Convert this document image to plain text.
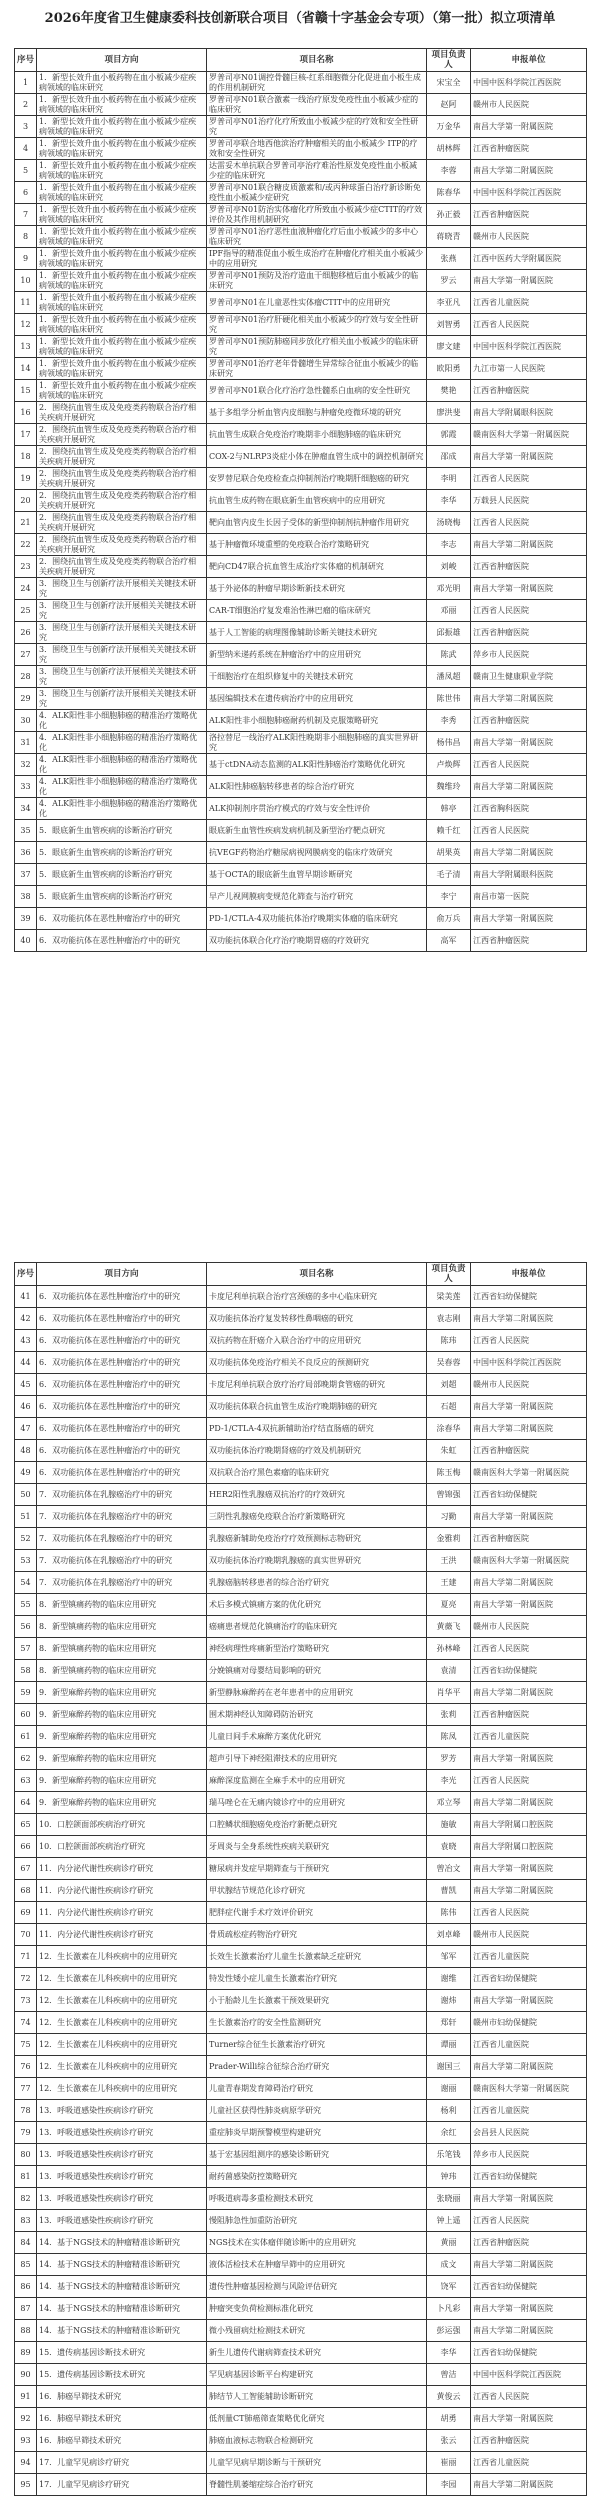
2026年度省卫生健康委科技创新联合项目（省赣十字基金会专项）（第一批）拟立项清单
序号	项目方向	项目名称	项目负责人	申报单位
1	1．新型长效升血小板药物在血小板减少症疾病领域的临床研究	罗普司亭N01调控骨髓巨核-红系细胞微分化促进血小板生成的作用机制研究	宋宝全	中国中医科学院江西医院
2	1．新型长效升血小板药物在血小板减少症疾病领域的临床研究	罗普司亭N01联合激素一线治疗原发免疫性血小板减少症的临床研究	赵阿	赣州市人民医院
3	1．新型长效升血小板药物在血小板减少症疾病领域的临床研究	罗普司亭N01治疗化疗所致血小板减少症的疗效和安全性研究	万金华	南昌大学第一附属医院
4	1．新型长效升血小板药物在血小板减少症疾病领域的临床研究	罗普司亭联合地西他滨治疗肿瘤相关的血小板减少 ITP的疗效和安全性研究	胡林辉	江西省肿瘤医院
5	1．新型长效升血小板药物在血小板减少症疾病领域的临床研究	达雷妥木单抗联合罗普司亭治疗难治性原发免疫性血小板减少症的临床研究	李蓉	南昌大学第二附属医院
6	1．新型长效升血小板药物在血小板减少症疾病领域的临床研究	罗普司亭N01联合糖皮质激素和/或丙种球蛋白治疗新诊断免疫性血小板减少症研究	陈春华	中国中医科学院江西医院
7	1．新型长效升血小板药物在血小板减少症疾病领域的临床研究	罗普司亭N01防治实体瘤化疗所致血小板减少症CTIT的疗效评价及其作用机制研究	孙正毅	江西省肿瘤医院
8	1．新型长效升血小板药物在血小板减少症疾病领域的临床研究	罗普司亭N01治疗恶性血液肿瘤化疗后血小板减少的多中心临床研究	蒋晓青	赣州市人民医院
9	1．新型长效升血小板药物在血小板减少症疾病领域的临床研究	IPF指导的精准促血小板生成治疗在肿瘤化疗相关血小板减少中的应用研究	张燕	江西中医药大学附属医院
10	1．新型长效升血小板药物在血小板减少症疾病领域的临床研究	罗普司亭N01预防及治疗造血干细胞移植后血小板减少的临床研究	罗云	南昌大学第一附属医院
11	1．新型长效升血小板药物在血小板减少症疾病领域的临床研究	罗普司亭N01在儿童恶性实体瘤CTIT中的应用研究	李亚凡	江西省儿童医院
12	1．新型长效升血小板药物在血小板减少症疾病领域的临床研究	罗普司亭N01治疗肝硬化相关血小板减少的疗效与安全性研究	刘智勇	江西省人民医院
13	1．新型长效升血小板药物在血小板减少症疾病领域的临床研究	罗普司亭N01预防肺癌同步放化疗相关血小板减少的临床研究	廖文建	中国中医科学院江西医院
14	1．新型长效升血小板药物在血小板减少症疾病领域的临床研究	罗普司亭N01治疗老年骨髓增生异常综合征血小板减少的临床研究	欧阳勇	九江市第一人民医院
15	1．新型长效升血小板药物在血小板减少症疾病领域的临床研究	罗普司亭N01联合化疗治疗急性髓系白血病的安全性研究	樊艳	江西省肿瘤医院
16	2．围绕抗血管生成及免疫类药物联合治疗相关疾病开展研究	基于多组学分析血管内皮细胞与肿瘤免疫微环境的研究	廖洪斐	南昌大学附属眼科医院
17	2．围绕抗血管生成及免疫类药物联合治疗相关疾病开展研究	抗血管生成联合免疫治疗晚期非小细胞肺癌的临床研究	郭霞	赣南医科大学第一附属医院
18	2．围绕抗血管生成及免疫类药物联合治疗相关疾病开展研究	COX-2与NLRP3炎症小体在肿瘤血管生成中的调控机制研究	邵成	南昌大学第一附属医院
19	2．围绕抗血管生成及免疫类药物联合治疗相关疾病开展研究	安罗替尼联合免疫检查点抑制剂治疗晚期肝细胞癌的研究	李明	江西省人民医院
20	2．围绕抗血管生成及免疫类药物联合治疗相关疾病开展研究	抗血管生成药物在眼底新生血管疾病中的应用研究	李华	万载县人民医院
21	2．围绕抗血管生成及免疫类药物联合治疗相关疾病开展研究	靶向血管内皮生长因子受体的新型抑制剂抗肿瘤作用研究	汤晓梅	江西省人民医院
22	2．围绕抗血管生成及免疫类药物联合治疗相关疾病开展研究	基于肿瘤微环境重塑的免疫联合治疗策略研究	李志	南昌大学第二附属医院
23	2．围绕抗血管生成及免疫类药物联合治疗相关疾病开展研究	靶向CD47联合抗血管生成治疗实体瘤的机制研究	刘峻	江西省肿瘤医院
24	3．围绕卫生与创新疗法开展相关关键技术研究	基于外泌体的肿瘤早期诊断新技术研究	邓光明	南昌大学第一附属医院
25	3．围绕卫生与创新疗法开展相关关键技术研究	CAR-T细胞治疗复发难治性淋巴瘤的临床研究	邓丽	江西省人民医院
26	3．围绕卫生与创新疗法开展相关关键技术研究	基于人工智能的病理图像辅助诊断关键技术研究	邱振雄	江西省肿瘤医院
27	3．围绕卫生与创新疗法开展相关关键技术研究	新型纳米递药系统在肿瘤治疗中的应用研究	陈武	萍乡市人民医院
28	3．围绕卫生与创新疗法开展相关关键技术研究	干细胞治疗在组织修复中的关键技术研究	潘凤超	赣南卫生健康职业学院
29	3．围绕卫生与创新疗法开展相关关键技术研究	基因编辑技术在遗传病治疗中的应用研究	陈世伟	南昌大学第二附属医院
30	4．ALK阳性非小细胞肺癌的精准治疗策略优化	ALK阳性非小细胞肺癌耐药机制及克服策略研究	李秀	江西省肿瘤医院
31	4．ALK阳性非小细胞肺癌的精准治疗策略优化	洛拉替尼一线治疗ALK阳性晚期非小细胞肺癌的真实世界研究	杨伟昌	南昌大学第一附属医院
32	4．ALK阳性非小细胞肺癌的精准治疗策略优化	基于ctDNA动态监测的ALK阳性肺癌治疗策略优化研究	卢焕辉	江西省人民医院
33	4．ALK阳性非小细胞肺癌的精准治疗策略优化	ALK阳性肺癌脑转移患者的综合治疗研究	魏维玲	南昌大学第二附属医院
34	4．ALK阳性非小细胞肺癌的精准治疗策略优化	ALK抑制剂序贯治疗模式的疗效与安全性评价	韩亭	江西省胸科医院
35	5．眼底新生血管疾病的诊断治疗研究	眼底新生血管性疾病发病机制及新型治疗靶点研究	赖千红	江西省人民医院
36	5．眼底新生血管疾病的诊断治疗研究	抗VEGF药物治疗糖尿病视网膜病变的临床疗效研究	胡果英	南昌大学第二附属医院
37	5．眼底新生血管疾病的诊断治疗研究	基于OCTA的眼底新生血管早期诊断研究	毛子清	南昌大学附属眼科医院
38	5．眼底新生血管疾病的诊断治疗研究	早产儿视网膜病变规范化筛查与治疗研究	李宁	南昌市第一医院
39	6．双功能抗体在恶性肿瘤治疗中的研究	PD-1/CTLA-4双功能抗体治疗晚期实体瘤的临床研究	俞万兵	南昌大学第一附属医院
40	6．双功能抗体在恶性肿瘤治疗中的研究	双功能抗体联合化疗治疗晚期胃癌的疗效研究	高军	江西省肿瘤医院
序号	项目方向	项目名称	项目负责人	申报单位
41	6．双功能抗体在恶性肿瘤治疗中的研究	卡度尼利单抗联合治疗宫颈癌的多中心临床研究	梁美莲	江西省妇幼保健院
42	6．双功能抗体在恶性肿瘤治疗中的研究	双功能抗体治疗复发转移性鼻咽癌的研究	袁志刚	南昌大学第二附属医院
43	6．双功能抗体在恶性肿瘤治疗中的研究	双抗药物在肝癌介入联合治疗中的应用研究	陈玮	江西省人民医院
44	6．双功能抗体在恶性肿瘤治疗中的研究	双功能抗体免疫治疗相关不良反应的预测研究	吴春蓉	中国中医科学院江西医院
45	6．双功能抗体在恶性肿瘤治疗中的研究	卡度尼利单抗联合放疗治疗局部晚期食管癌的研究	刘超	赣州市人民医院
46	6．双功能抗体在恶性肿瘤治疗中的研究	双功能抗体联合抗血管生成治疗晚期肺癌的研究	石超	南昌大学第一附属医院
47	6．双功能抗体在恶性肿瘤治疗中的研究	PD-1/CTLA-4双抗新辅助治疗结直肠癌的研究	涂春华	南昌大学第二附属医院
48	6．双功能抗体在恶性肿瘤治疗中的研究	双功能抗体治疗晚期肾癌的疗效及机制研究	朱虹	江西省肿瘤医院
49	6．双功能抗体在恶性肿瘤治疗中的研究	双抗联合治疗黑色素瘤的临床研究	陈玉梅	赣南医科大学第一附属医院
50	7．双功能抗体在乳腺癌治疗中的研究	HER2阳性乳腺癌双抗治疗的疗效研究	曾锦强	江西省妇幼保健院
51	7．双功能抗体在乳腺癌治疗中的研究	三阴性乳腺癌免疫联合治疗新策略研究	习勤	南昌大学第一附属医院
52	7．双功能抗体在乳腺癌治疗中的研究	乳腺癌新辅助免疫治疗疗效预测标志物研究	金雅莉	江西省肿瘤医院
53	7．双功能抗体在乳腺癌治疗中的研究	双功能抗体治疗晚期乳腺癌的真实世界研究	王洪	赣南医科大学第一附属医院
54	7．双功能抗体在乳腺癌治疗中的研究	乳腺癌脑转移患者的综合治疗研究	王建	南昌大学第二附属医院
55	8．新型镇痛药物的临床应用研究	术后多模式镇痛方案的优化研究	夏亮	南昌大学第一附属医院
56	8．新型镇痛药物的临床应用研究	癌痛患者规范化镇痛治疗的临床研究	黄薇飞	赣州市人民医院
57	8．新型镇痛药物的临床应用研究	神经病理性疼痛新型治疗策略研究	孙林峰	江西省人民医院
58	8．新型镇痛药物的临床应用研究	分娩镇痛对母婴结局影响的研究	袁清	江西省妇幼保健院
59	9．新型麻醉药物的临床应用研究	新型静脉麻醉药在老年患者中的应用研究	肖华平	南昌大学第二附属医院
60	9．新型麻醉药物的临床应用研究	围术期神经认知障碍防治研究	张莉	江西省肿瘤医院
61	9．新型麻醉药物的临床应用研究	儿童日间手术麻醉方案优化研究	陈凤	江西省儿童医院
62	9．新型麻醉药物的临床应用研究	超声引导下神经阻滞技术的应用研究	罗芳	南昌大学第一附属医院
63	9．新型麻醉药物的临床应用研究	麻醉深度监测在全麻手术中的应用研究	李光	江西省人民医院
64	9．新型麻醉药物的临床应用研究	瑞马唑仑在无痛内镜诊疗中的应用研究	邓立琴	南昌大学第二附属医院
65	10．口腔颌面部疾病治疗研究	口腔鳞状细胞癌免疫治疗新靶点研究	施敏	南昌大学附属口腔医院
66	10．口腔颌面部疾病治疗研究	牙周炎与全身系统性疾病关联研究	袁晓	南昌大学附属口腔医院
67	11．内分泌代谢性疾病诊疗研究	糖尿病并发症早期筛查与干预研究	曾冶文	南昌大学第一附属医院
68	11．内分泌代谢性疾病诊疗研究	甲状腺结节规范化诊疗研究	曹凯	南昌大学第二附属医院
69	11．内分泌代谢性疾病诊疗研究	肥胖症代谢手术疗效评价研究	陈伟	江西省人民医院
70	11．内分泌代谢性疾病诊疗研究	骨质疏松症药物治疗研究	刘卓峰	赣州市人民医院
71	12．生长激素在儿科疾病中的应用研究	长效生长激素治疗儿童生长激素缺乏症研究	邹军	江西省儿童医院
72	12．生长激素在儿科疾病中的应用研究	特发性矮小症儿童生长激素治疗研究	谢维	江西省妇幼保健院
73	12．生长激素在儿科疾病中的应用研究	小于胎龄儿生长激素干预效果研究	谢炜	南昌大学第一附属医院
74	12．生长激素在儿科疾病中的应用研究	生长激素治疗的安全性监测研究	郑轩	赣州市妇幼保健院
75	12．生长激素在儿科疾病中的应用研究	Turner综合征生长激素治疗研究	谭丽	江西省儿童医院
76	12．生长激素在儿科疾病中的应用研究	Prader-Willi综合征综合治疗研究	谢国三	南昌大学第二附属医院
77	12．生长激素在儿科疾病中的应用研究	儿童青春期发育障碍治疗研究	谢丽	赣南医科大学第一附属医院
78	13．呼吸道感染性疾病诊疗研究	儿童社区获得性肺炎病原学研究	杨利	江西省儿童医院
79	13．呼吸道感染性疾病诊疗研究	重症肺炎早期预警模型构建研究	余红	会昌县人民医院
80	13．呼吸道感染性疾病诊疗研究	基于宏基因组测序的感染诊断研究	乐笔钱	萍乡市人民医院
81	13．呼吸道感染性疾病诊疗研究	耐药菌感染防控策略研究	钟玮	江西省妇幼保健院
82	13．呼吸道感染性疾病诊疗研究	呼吸道病毒多重检测技术研究	张晓丽	南昌大学第一附属医院
83	13．呼吸道感染性疾病诊疗研究	慢阻肺急性加重防治研究	钟上遥	江西省人民医院
84	14．基于NGS技术的肿瘤精准诊断研究	NGS技术在实体瘤伴随诊断中的应用研究	黄丽	江西省肿瘤医院
85	14．基于NGS技术的肿瘤精准诊断研究	液体活检技术在肿瘤早筛中的应用研究	成文	南昌大学第二附属医院
86	14．基于NGS技术的肿瘤精准诊断研究	遗传性肿瘤基因检测与风险评估研究	饶军	江西省妇幼保健院
87	14．基于NGS技术的肿瘤精准诊断研究	肿瘤突变负荷检测标准化研究	卜凡彩	南昌大学第一附属医院
88	14．基于NGS技术的肿瘤精准诊断研究	微小残留病灶检测技术研究	彭运强	南昌大学第二附属医院
89	15．遗传病基因诊断技术研究	新生儿遗传代谢病筛查技术研究	李华	江西省妇幼保健院
90	15．遗传病基因诊断技术研究	罕见病基因诊断平台构建研究	曾洁	中国中医科学院江西医院
91	16．肺癌早筛技术研究	肺结节人工智能辅助诊断研究	黄俊云	江西省人民医院
92	16．肺癌早筛技术研究	低剂量CT肺癌筛查策略优化研究	胡勇	南昌大学第一附属医院
93	16．肺癌早筛技术研究	肺癌血液标志物联合检测研究	张云	江西省肿瘤医院
94	17．儿童罕见病诊疗研究	儿童罕见病早期诊断与干预研究	崔丽	江西省儿童医院
95	17．儿童罕见病诊疗研究	脊髓性肌萎缩症综合治疗研究	李园	南昌大学第二附属医院
